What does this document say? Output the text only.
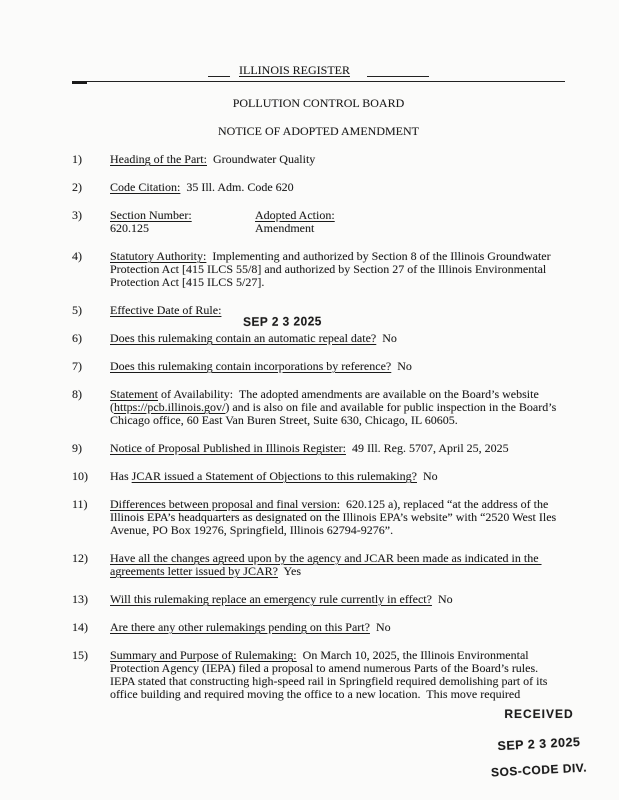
ILLINOIS REGISTER
POLLUTION CONTROL BOARD
NOTICE OF ADOPTED AMENDMENT
1)	Heading of the Part:  Groundwater Quality
2)	Code Citation:  35 Ill. Adm. Code 620
3)	Section Number:
620.125
Adopted Action:
Amendment
4)	Statutory Authority:  Implementing and authorized by Section 8 of the Illinois Groundwater Protection Act [415 ILCS 55/8] and authorized by Section 27 of the Illinois Environmental Protection Act [415 ILCS 5/27].
5)	Effective Date of Rule:
SEP 2 3 2025
6)	Does this rulemaking contain an automatic repeal date?  No
7)	Does this rulemaking contain incorporations by reference?  No
8)	Statement of Availability:  The adopted amendments are available on the Board’s website (https://pcb.illinois.gov/) and is also on file and available for public inspection in the Board’s Chicago office, 60 East Van Buren Street, Suite 630, Chicago, IL 60605.
9)	Notice of Proposal Published in Illinois Register:  49 Ill. Reg. 5707, April 25, 2025
10)	Has JCAR issued a Statement of Objections to this rulemaking?  No
11)	Differences between proposal and final version:  620.125 a), replaced “at the address of the Illinois EPA’s headquarters as designated on the Illinois EPA’s website” with “2520 West Iles Avenue, PO Box 19276, Springfield, Illinois 62794-9276”.
12)	Have all the changes agreed upon by the agency and JCAR been made as indicated in the agreements letter issued by JCAR?  Yes
13)	Will this rulemaking replace an emergency rule currently in effect?  No
14)	Are there any other rulemakings pending on this Part?  No
15)	Summary and Purpose of Rulemaking:  On March 10, 2025, the Illinois Environmental Protection Agency (IEPA) filed a proposal to amend numerous Parts of the Board’s rules.  IEPA stated that constructing high-speed rail in Springfield required demolishing part of its office building and required moving the office to a new location.  This move required
RECEIVED
SEP 2 3 2025
SOS-CODE DIV.
